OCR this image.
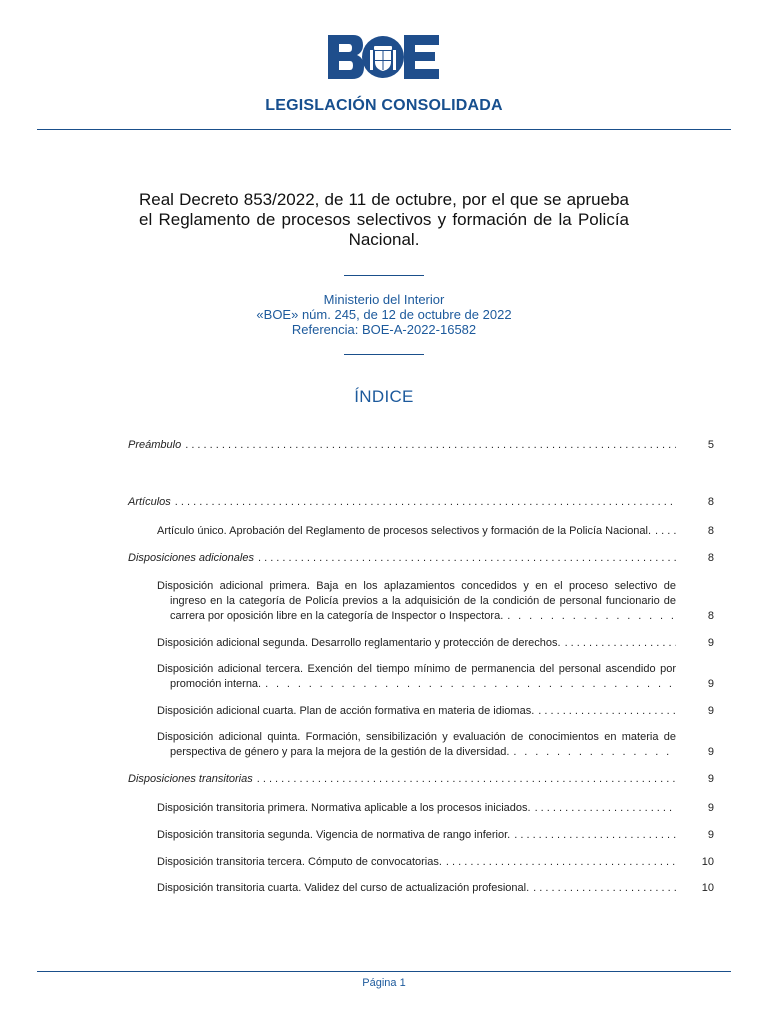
LEGISLACIÓN CONSOLIDADA
Real Decreto 853/2022, de 11 de octubre, por el que se aprueba el Reglamento de procesos selectivos y formación de la Policía Nacional.
Ministerio del Interior
«BOE» núm. 245, de 12 de octubre de 2022
Referencia: BOE-A-2022-16582
ÍNDICE
Preámbulo . . .	5
Artículos . . .	8
Artículo único. Aprobación del Reglamento de procesos selectivos y formación de la Policía Nacional. . . .	8
Disposiciones adicionales . . .	8
Disposición adicional primera. Baja en los aplazamientos concedidos y en el proceso selectivo de
ingreso en la categoría de Policía previos a la adquisición de la condición de personal funcionario de
carrera por oposición libre en la categoría de Inspector o Inspectora. . . .	8
Disposición adicional segunda. Desarrollo reglamentario y protección de derechos. . . .	9
Disposición adicional tercera. Exención del tiempo mínimo de permanencia del personal ascendido por
promoción interna. . . .	9
Disposición adicional cuarta. Plan de acción formativa en materia de idiomas. . . .	9
Disposición adicional quinta. Formación, sensibilización y evaluación de conocimientos en materia de
perspectiva de género y para la mejora de la gestión de la diversidad. . . .	9
Disposiciones transitorias . . .	9
Disposición transitoria primera. Normativa aplicable a los procesos iniciados. . . .	9
Disposición transitoria segunda. Vigencia de normativa de rango inferior. . . .	9
Disposición transitoria tercera. Cómputo de convocatorias. . . .	10
Disposición transitoria cuarta. Validez del curso de actualización profesional. . . .	10
Página 1
